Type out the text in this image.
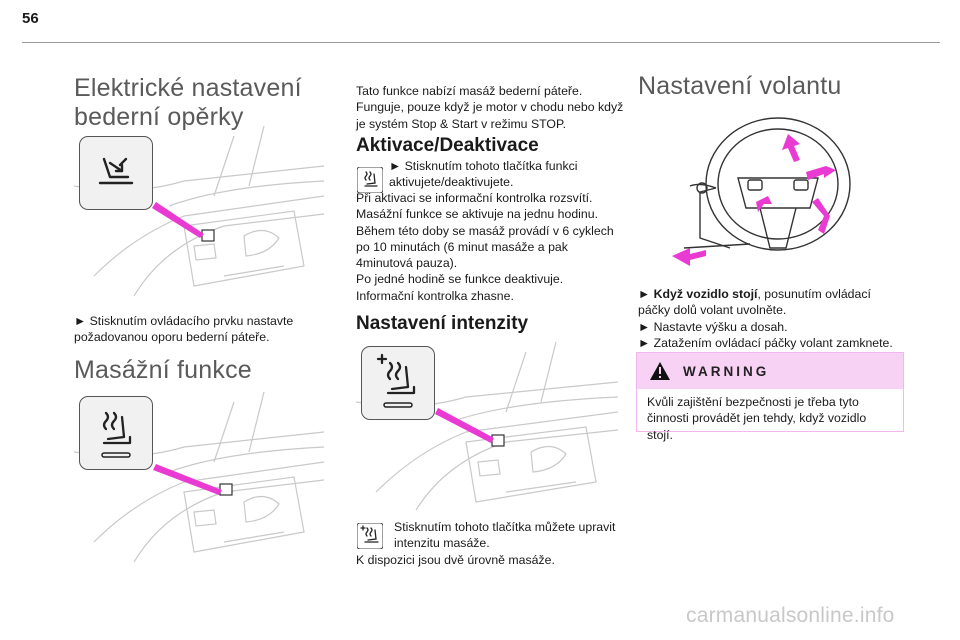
56
Elektrické nastavení
bederní opěrky
► Stisknutím ovládacího prvku nastavte
požadovanou oporu bederní páteře.
Masážní funkce
Tato funkce nabízí masáž bederní páteře.
Funguje, pouze když je motor v chodu nebo když
je systém Stop & Start v režimu STOP.
Aktivace/Deaktivace
► Stisknutím tohoto tlačítka funkci
aktivujete/deaktivujete.
Při aktivaci se informační kontrolka rozsvítí.
Masážní funkce se aktivuje na jednu hodinu.
Během této doby se masáž provádí v 6 cyklech
po 10 minutách (6 minut masáže a pak
4minutová pauza).
Po jedné hodině se funkce deaktivuje.
Informační kontrolka zhasne.
Nastavení intenzity
Stisknutím tohoto tlačítka můžete upravit
intenzitu masáže.
K dispozici jsou dvě úrovně masáže.
Nastavení volantu
► Když vozidlo stojí, posunutím ovládací
páčky dolů volant uvolněte.
► Nastavte výšku a dosah.
► Zatažením ovládací páčky volant zamknete.
WARNING
Kvůli zajištění bezpečnosti je třeba tyto
činnosti provádět jen tehdy, když vozidlo stojí.
carmanualsonline.info
